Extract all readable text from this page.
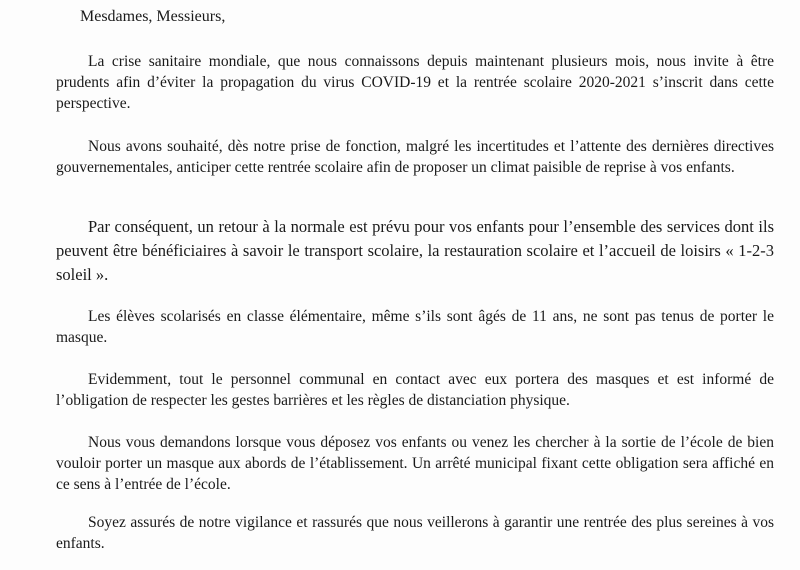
Mesdames, Messieurs,

La crise sanitaire mondiale, que nous connaissons depuis maintenant plusieurs mois, nous invite à être prudents afin d’éviter la propagation du virus COVID-19 et la rentrée scolaire 2020-2021 s’inscrit dans cette perspective.

Nous avons souhaité, dès notre prise de fonction, malgré les incertitudes et l’attente des dernières directives gouvernementales, anticiper cette rentrée scolaire afin de proposer un climat paisible de reprise à vos enfants.

Par conséquent, un retour à la normale est prévu pour vos enfants pour l’ensemble des services dont ils peuvent être bénéficiaires à savoir le transport scolaire, la restauration scolaire et l’accueil de loisirs « 1-2-3 soleil ».

Les élèves scolarisés en classe élémentaire, même s’ils sont âgés de 11 ans, ne sont pas tenus de porter le masque.

Evidemment, tout le personnel communal en contact avec eux portera des masques et est informé de l’obligation de respecter les gestes barrières et les règles de distanciation physique.

Nous vous demandons lorsque vous déposez vos enfants ou venez les chercher à la sortie de l’école de bien vouloir porter un masque aux abords de l’établissement. Un arrêté municipal fixant cette obligation sera affiché en ce sens à l’entrée de l’école.

Soyez assurés de notre vigilance et rassurés que nous veillerons à garantir une rentrée des plus sereines à vos enfants.
